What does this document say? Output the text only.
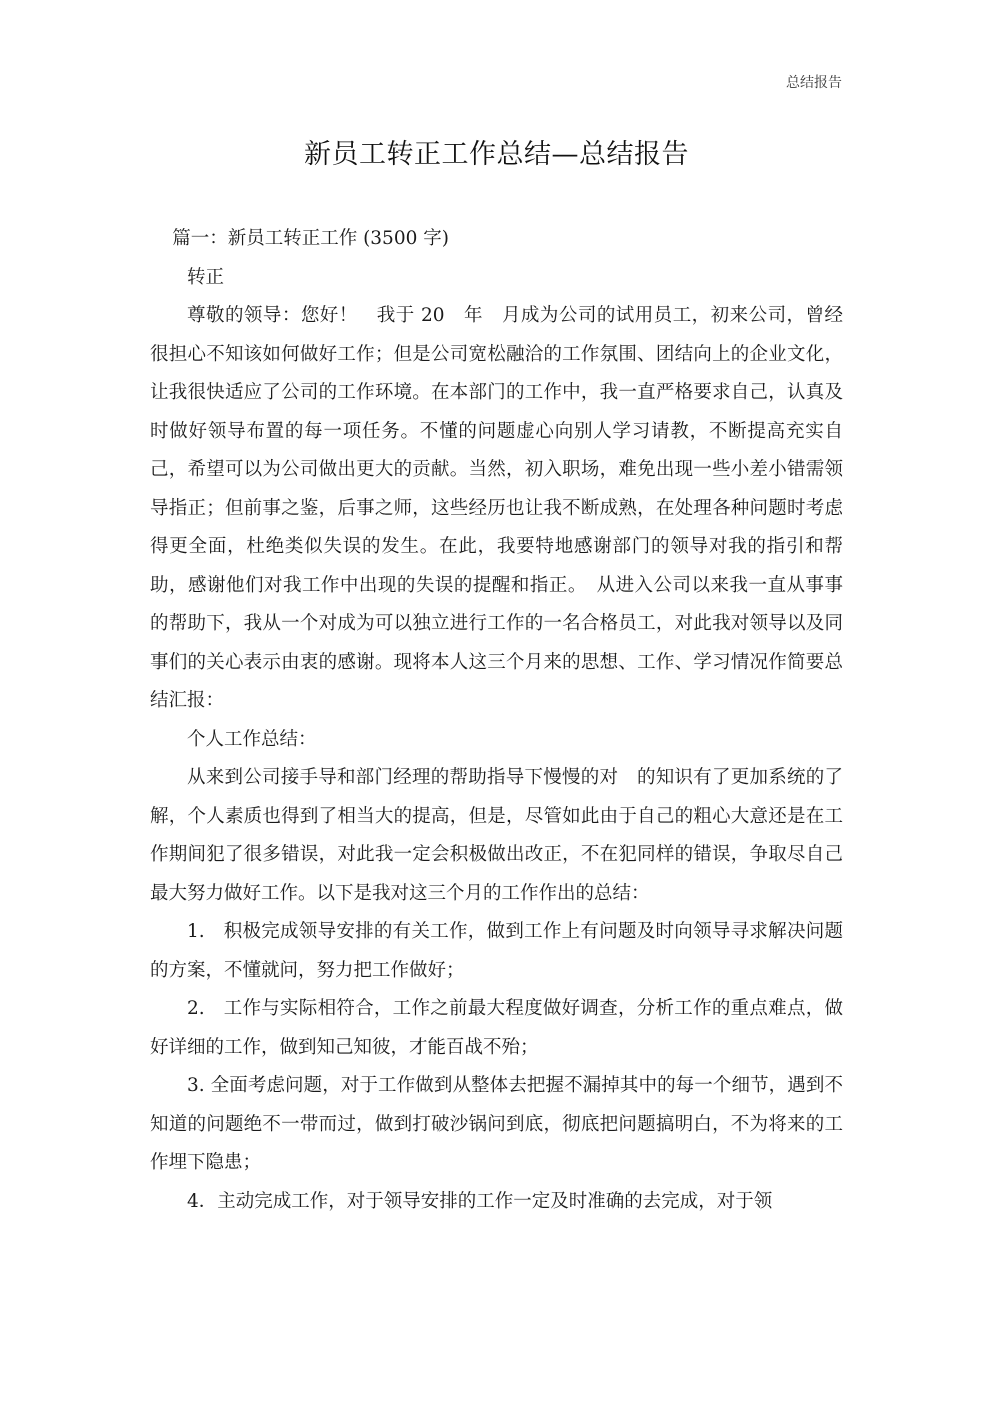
总结报告
新员工转正工作总结—总结报告

篇一：新员工转正工作 (3500 字)

转正

尊敬的领导：您好！　我于 20　年　月成为公司的试用员工，初来公司，曾经很担心不知该如何做好工作；但是公司宽松融洽的工作氛围、团结向上的企业文化，让我很快适应了公司的工作环境。在本部门的工作中，我一直严格要求自己，认真及时做好领导布置的每一项任务。不懂的问题虚心向别人学习请教，不断提高充实自己，希望可以为公司做出更大的贡献。当然，初入职场，难免出现一些小差小错需领导指正；但前事之鉴，后事之师，这些经历也让我不断成熟，在处理各种问题时考虑得更全面，杜绝类似失误的发生。在此，我要特地感谢部门的领导对我的指引和帮助，感谢他们对我工作中出现的失误的提醒和指正。　从进入公司以来我一直从事事的帮助下，我从一个对成为可以独立进行工作的一名合格员工，对此我对领导以及同事们的关心表示由衷的感谢。现将本人这三个月来的思想、工作、学习情况作简要总结汇报：

个人工作总结：

从来到公司接手导和部门经理的帮助指导下慢慢的对　的知识有了更加系统的了解，个人素质也得到了相当大的提高，但是，尽管如此由于自己的粗心大意还是在工作期间犯了很多错误，对此我一定会积极做出改正，不在犯同样的错误，争取尽自己最大努力做好工作。以下是我对这三个月的工作作出的总结：

1.　积极完成领导安排的有关工作，做到工作上有问题及时向领导寻求解决问题的方案，不懂就问，努力把工作做好；

2.　工作与实际相符合，工作之前最大程度做好调查，分析工作的重点难点，做好详细的工作，做到知己知彼，才能百战不殆；

3. 全面考虑问题，对于工作做到从整体去把握不漏掉其中的每一个细节，遇到不知道的问题绝不一带而过，做到打破沙锅问到底，彻底把问题搞明白，不为将来的工作埋下隐患；

4．主动完成工作，对于领导安排的工作一定及时准确的去完成，对于领
